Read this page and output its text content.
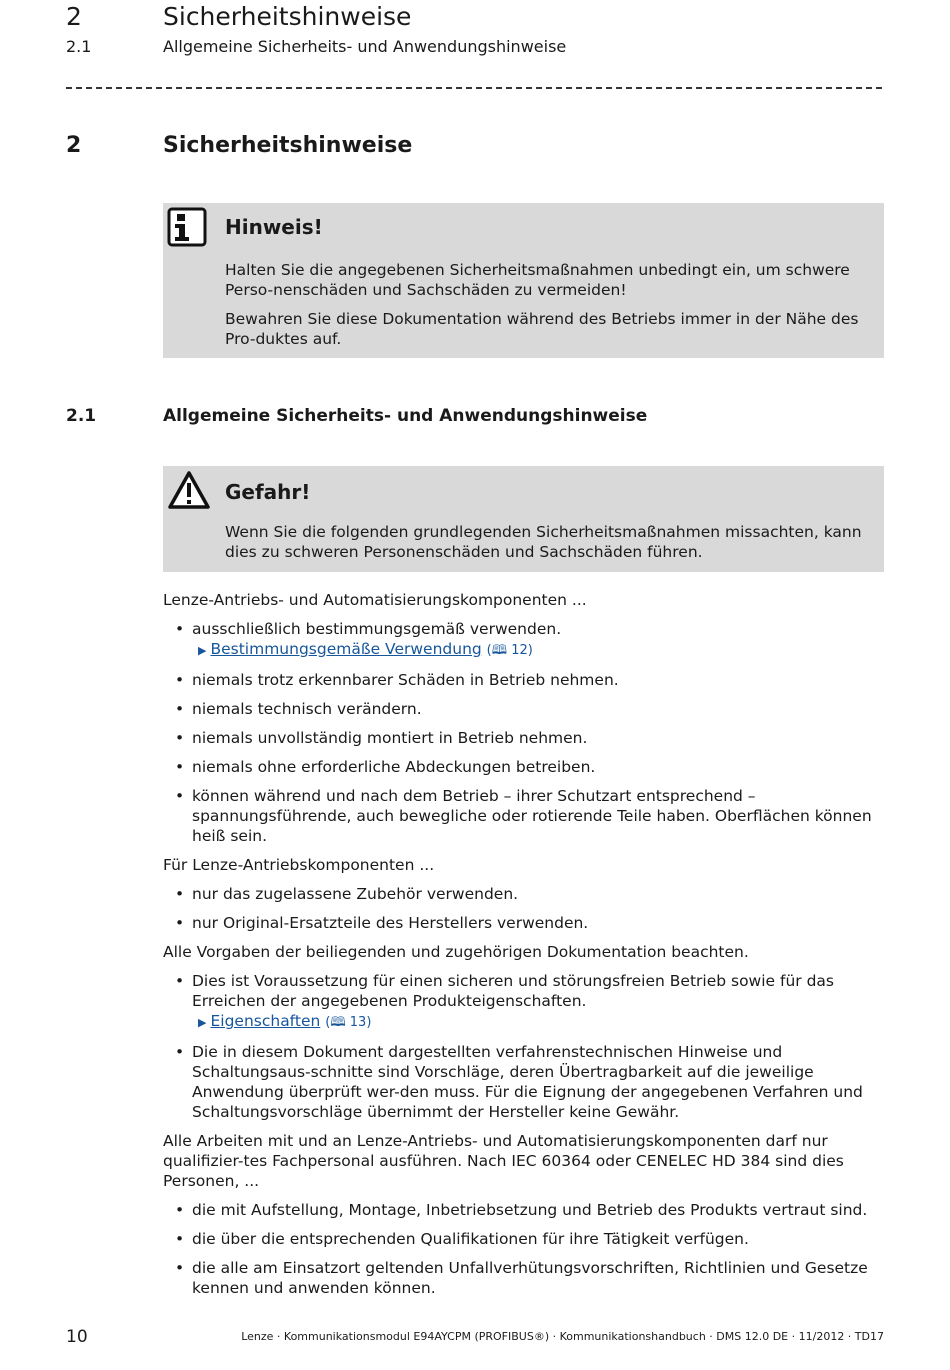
2	Sicherheitshinweise
2.1	Allgemeine Sicherheits- und Anwendungshinweise
2	Sicherheitshinweise
Hinweis!
Halten Sie die angegebenen Sicherheitsmaßnahmen unbedingt ein, um schwere Perso-nenschäden und Sachschäden zu vermeiden!
Bewahren Sie diese Dokumentation während des Betriebs immer in der Nähe des Pro-duktes auf.
2.1	Allgemeine Sicherheits- und Anwendungshinweise
Gefahr!
Wenn Sie die folgenden grundlegenden Sicherheitsmaßnahmen missachten, kann dies zu schweren Personenschäden und Sachschäden führen.

Lenze-Antriebs- und Automatisierungskomponenten ...

• ausschließlich bestimmungsgemäß verwenden.
▶ Bestimmungsgemäße Verwendung (🕮 12)
• niemals trotz erkennbarer Schäden in Betrieb nehmen.
• niemals technisch verändern.
• niemals unvollständig montiert in Betrieb nehmen.
• niemals ohne erforderliche Abdeckungen betreiben.
• können während und nach dem Betrieb – ihrer Schutzart entsprechend – spannungsführende, auch bewegliche oder rotierende Teile haben. Oberflächen können heiß sein.

Für Lenze-Antriebskomponenten ...

• nur das zugelassene Zubehör verwenden.
• nur Original-Ersatzteile des Herstellers verwenden.

Alle Vorgaben der beiliegenden und zugehörigen Dokumentation beachten.

• Dies ist Voraussetzung für einen sicheren und störungsfreien Betrieb sowie für das Erreichen der angegebenen Produkteigenschaften.
▶ Eigenschaften (🕮 13)
• Die in diesem Dokument dargestellten verfahrenstechnischen Hinweise und Schaltungsaus-schnitte sind Vorschläge, deren Übertragbarkeit auf die jeweilige Anwendung überprüft wer-den muss. Für die Eignung der angegebenen Verfahren und Schaltungsvorschläge übernimmt der Hersteller keine Gewähr.

Alle Arbeiten mit und an Lenze-Antriebs- und Automatisierungskomponenten darf nur qualifizier-tes Fachpersonal ausführen. Nach IEC 60364 oder CENELEC HD 384 sind dies Personen, ...

• die mit Aufstellung, Montage, Inbetriebsetzung und Betrieb des Produkts vertraut sind.
• die über die entsprechenden Qualifikationen für ihre Tätigkeit verfügen.
• die alle am Einsatzort geltenden Unfallverhütungsvorschriften, Richtlinien und Gesetze kennen und anwenden können.
10	Lenze · Kommunikationsmodul E94AYCPM (PROFIBUS®) · Kommunikationshandbuch · DMS 12.0 DE · 11/2012 · TD17
